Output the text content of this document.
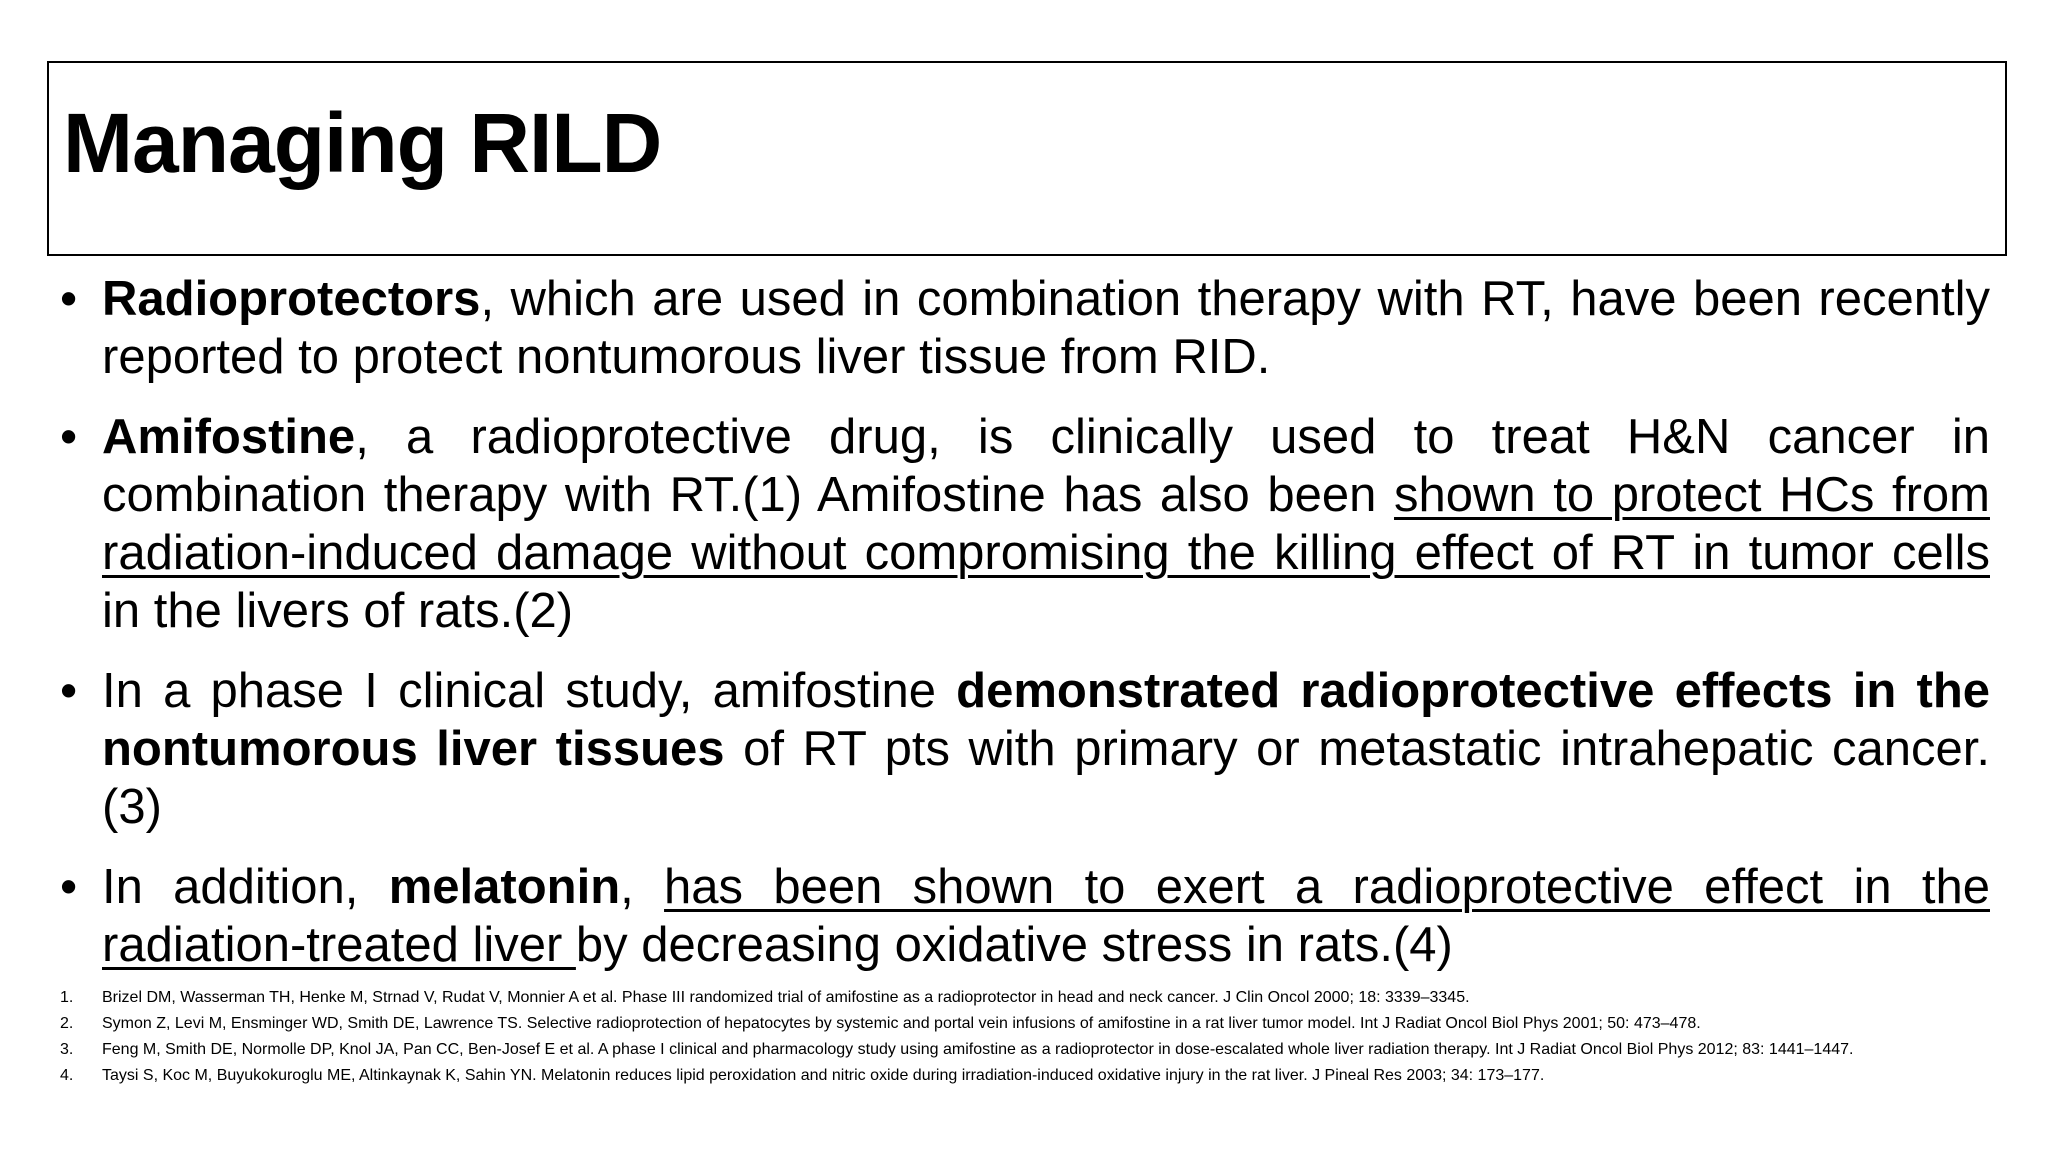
Managing RILD
• Radioprotectors, which are used in combination therapy with RT, have been recently reported to protect nontumorous liver tissue from RID.
• Amifostine, a radioprotective drug, is clinically used to treat H&N cancer in combination therapy with RT.(1) Amifostine has also been shown to protect HCs from radiation-induced damage without compromising the killing effect of RT in tumor cells in the livers of rats.(2)
• In a phase I clinical study, amifostine demonstrated radioprotective effects in the nontumorous liver tissues of RT pts with primary or metastatic intrahepatic cancer.(3)
• In addition, melatonin, has been shown to exert a radioprotective effect in the radiation-treated liver by decreasing oxidative stress in rats.(4)
1. Brizel DM, Wasserman TH, Henke M, Strnad V, Rudat V, Monnier A et al. Phase III randomized trial of amifostine as a radioprotector in head and neck cancer. J Clin Oncol 2000; 18: 3339–3345.
2. Symon Z, Levi M, Ensminger WD, Smith DE, Lawrence TS. Selective radioprotection of hepatocytes by systemic and portal vein infusions of amifostine in a rat liver tumor model. Int J Radiat Oncol Biol Phys 2001; 50: 473–478.
3. Feng M, Smith DE, Normolle DP, Knol JA, Pan CC, Ben-Josef E et al. A phase I clinical and pharmacology study using amifostine as a radioprotector in dose-escalated whole liver radiation therapy. Int J Radiat Oncol Biol Phys 2012; 83: 1441–1447.
4. Taysi S, Koc M, Buyukokuroglu ME, Altinkaynak K, Sahin YN. Melatonin reduces lipid peroxidation and nitric oxide during irradiation-induced oxidative injury in the rat liver. J Pineal Res 2003; 34: 173–177.
